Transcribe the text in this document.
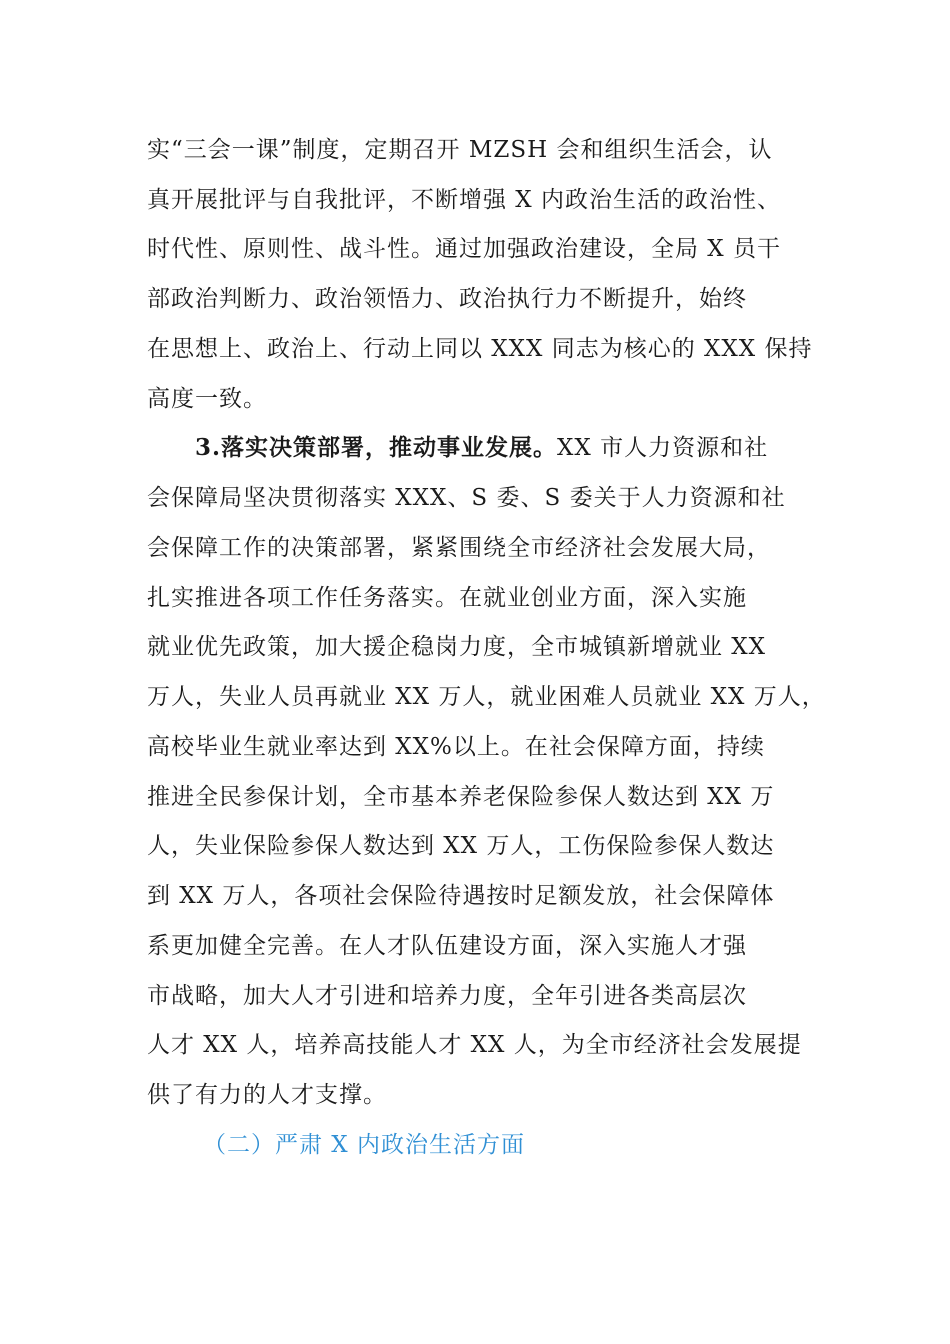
实“三会一课”制度，定期召开 MZSH 会和组织生活会，认
真开展批评与自我批评，不断增强 X 内政治生活的政治性、
时代性、原则性、战斗性。通过加强政治建设，全局 X 员干
部政治判断力、政治领悟力、政治执行力不断提升，始终
在思想上、政治上、行动上同以 XXX 同志为核心的 XXX 保持
高度一致。
3.落实决策部署，推动事业发展。XX 市人力资源和社
会保障局坚决贯彻落实 XXX、S 委、S 委关于人力资源和社
会保障工作的决策部署，紧紧围绕全市经济社会发展大局，
扎实推进各项工作任务落实。在就业创业方面，深入实施
就业优先政策，加大援企稳岗力度，全市城镇新增就业 XX
万人，失业人员再就业 XX 万人，就业困难人员就业 XX 万人，
高校毕业生就业率达到 XX%以上。在社会保障方面，持续
推进全民参保计划，全市基本养老保险参保人数达到 XX 万
人，失业保险参保人数达到 XX 万人，工伤保险参保人数达
到 XX 万人，各项社会保险待遇按时足额发放，社会保障体
系更加健全完善。在人才队伍建设方面，深入实施人才强
市战略，加大人才引进和培养力度，全年引进各类高层次
人才 XX 人，培养高技能人才 XX 人，为全市经济社会发展提
供了有力的人才支撑。
（二）严肃 X 内政治生活方面
